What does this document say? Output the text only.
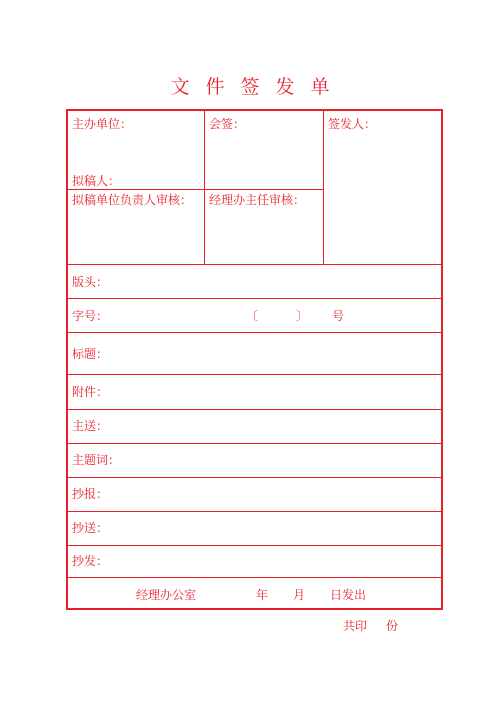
文件签发单
主办单位：	会签：	签发人：
拟稿人：
拟稿单位负责人审核： 经理办主任审核：
版头：
字号：	〔	〕 号
标题：
附件：
主送：
主题词：
抄报：
抄送：
抄发：
经理办公室	年 月 日发出
共印 份
